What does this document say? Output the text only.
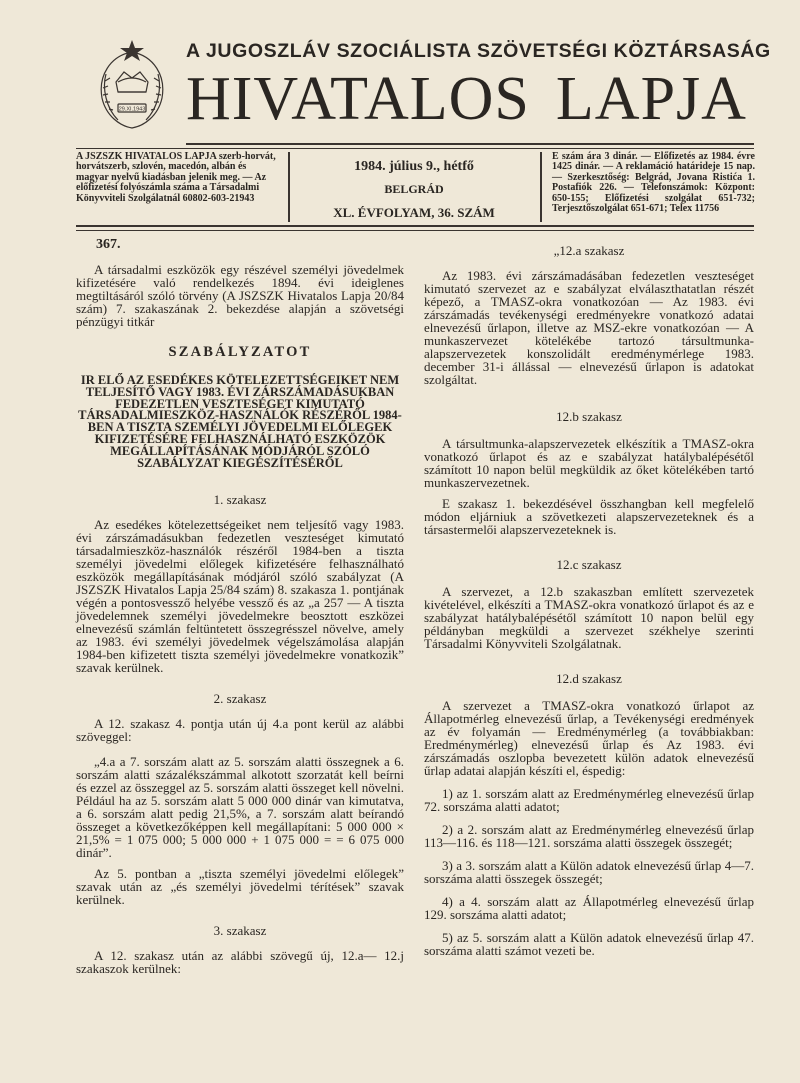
29.XI.1943
A JUGOSZLÁV SZOCIÁLISTA SZÖVETSÉGI KÖZTÁRSASÁG
HIVATALOS LAPJA
A JSZSZK HIVATALOS LAPJA szerb-horvát, horvátszerb, szlovén, macedón, albán és magyar nyelvű kiadásban jelenik meg. — Az előfizetési folyószámla száma a Társadalmi Könyvviteli Szolgálatnál 60802-603-21943
1984. július 9., hétfő
BELGRÁD
XL. ÉVFOLYAM, 36. SZÁM
E szám ára 3 dinár. — Előfizetés az 1984. évre 1425 dinár. — A reklamáció határideje 15 nap. — Szerkesztőség: Belgrád, Jovana Ristića 1. Postafiók 226. — Telefonszámok: Központ: 650-155; Előfizetési szolgálat 651-732; Terjesztőszolgálat 651-671; Telex 11756
367.

A társadalmi eszközök egy részével személyi jövedelmek kifizetésére való rendelkezés 1894. évi ideiglenes megtiltásáról szóló törvény (A JSZSZK Hivatalos Lapja 20/84 szám) 7. szakaszának 2. bekezdése alapján a szövetségi pénzügyi titkár

SZABÁLYZATOT

IR ELŐ AZ ESEDÉKES KÖTELEZETTSÉGEIKET NEM TELJESÍTŐ VAGY 1983. ÉVI ZÁRSZÁMADÁSUKBAN FEDEZETLEN VESZTESÉGET KIMUTATÓ TÁRSADALMIESZKÖZ-HASZNÁLÓK RÉSZÉRŐL 1984-BEN A TISZTA SZEMÉLYI JÖVEDELMI ELŐLEGEK KIFIZETÉSÉRE FELHASZNÁLHATÓ ESZKÖZÖK MEGÁLLAPÍTÁSÁNAK MÓDJÁRÓL SZÓLÓ SZABÁLYZAT KIEGÉSZÍTÉSÉRŐL

1. szakasz

Az esedékes kötelezettségeiket nem teljesítő vagy 1983. évi zárszámadásukban fedezetlen veszteséget kimutató társadalmieszköz-használók részéről 1984-ben a tiszta személyi jövedelmi előlegek kifizetésére felhasználható eszközök megállapításának módjáról szóló szabályzat (A JSZSZK Hivatalos Lapja 25/84 szám) 8. szakasza 1. pontjának végén a pontosvessző helyébe vessző és az „a 257 — A tiszta jövedelemnek személyi jövedelmekre beosztott eszközei elnevezésű számlán feltüntetett összegrésszel növelve, amely az 1983. évi személyi jövedelmek végelszámolása alapján 1984-ben kifizetett tiszta személyi jövedelmekre vonatkozik” szavak kerülnek.

2. szakasz

A 12. szakasz 4. pontja után új 4.a pont kerül az alábbi szöveggel:

„4.a a 7. sorszám alatt az 5. sorszám alatti összegnek a 6. sorszám alatti százalékszámmal alkotott szorzatát kell beírni és ezzel az összeggel az 5. sorszám alatti összeget kell növelni. Például ha az 5. sorszám alatt 5 000 000 dinár van kimutatva, a 6. sorszám alatt pedig 21,5%, a 7. sorszám alatt beírandó összeget a következőképpen kell megállapítani: 5 000 000 × 21,5% = 1 075 000; 5 000 000 + 1 075 000 = = 6 075 000 dinár”.

Az 5. pontban a „tiszta személyi jövedelmi előlegek” szavak után az „és személyi jövedelmi térítések” szavak kerülnek.

3. szakasz

A 12. szakasz után az alábbi szövegű új, 12.a— 12.j szakaszok kerülnek:

„12.a szakasz

Az 1983. évi zárszámadásában fedezetlen veszteséget kimutató szervezet az e szabályzat elválaszthatatlan részét képező, a TMASZ-okra vonatkozóan — Az 1983. évi zárszámadás tevékenységi eredményekre vonatkozó adatai elnevezésű űrlapon, illetve az MSZ-ekre vonatkozóan — A munkaszervezet kötelékébe tartozó társultmunka-alapszervezetek konszolidált eredménymérlege 1983. december 31-i állással — elnevezésű űrlapon is adatokat szolgáltat.

12.b szakasz

A társultmunka-alapszervezetek elkészítik a TMASZ-okra vonatkozó űrlapot és az e szabályzat hatálybalépésétől számított 10 napon belül megküldik az őket kötelékében tartó munkaszervezetnek.

E szakasz 1. bekezdésével összhangban kell megfelelő módon eljárniuk a szövetkezeti alapszervezeteknek és a társastermelői alapszervezeteknek is.

12.c szakasz

A szervezet, a 12.b szakaszban említett szervezetek kivételével, elkészíti a TMASZ-okra vonatkozó űrlapot és az e szabályzat hatálybalépésétől számított 10 napon belül egy példányban megküldi a szervezet székhelye szerinti Társadalmi Könyvviteli Szolgálatnak.

12.d szakasz

A szervezet a TMASZ-okra vonatkozó űrlapot az Állapotmérleg elnevezésű űrlap, a Tevékenységi eredmények az év folyamán — Eredménymérleg (a továbbiakban: Eredménymérleg) elnevezésű űrlap és Az 1983. évi zárszámadás oszlopba bevezetett külön adatok elnevezésű űrlap adatai alapján készíti el, éspedig:

1) az 1. sorszám alatt az Eredménymérleg elnevezésű űrlap 72. sorszáma alatti adatot;

2) a 2. sorszám alatt az Eredménymérleg elnevezésű űrlap 113—116. és 118—121. sorszáma alatti összegek összegét;

3) a 3. sorszám alatt a Külön adatok elnevezésű űrlap 4—7. sorszáma alatti összegek összegét;

4) a 4. sorszám alatt az Állapotmérleg elnevezésű űrlap 129. sorszáma alatti adatot;

5) az 5. sorszám alatt a Külön adatok elnevezésű űrlap 47. sorszáma alatti számot vezeti be.
